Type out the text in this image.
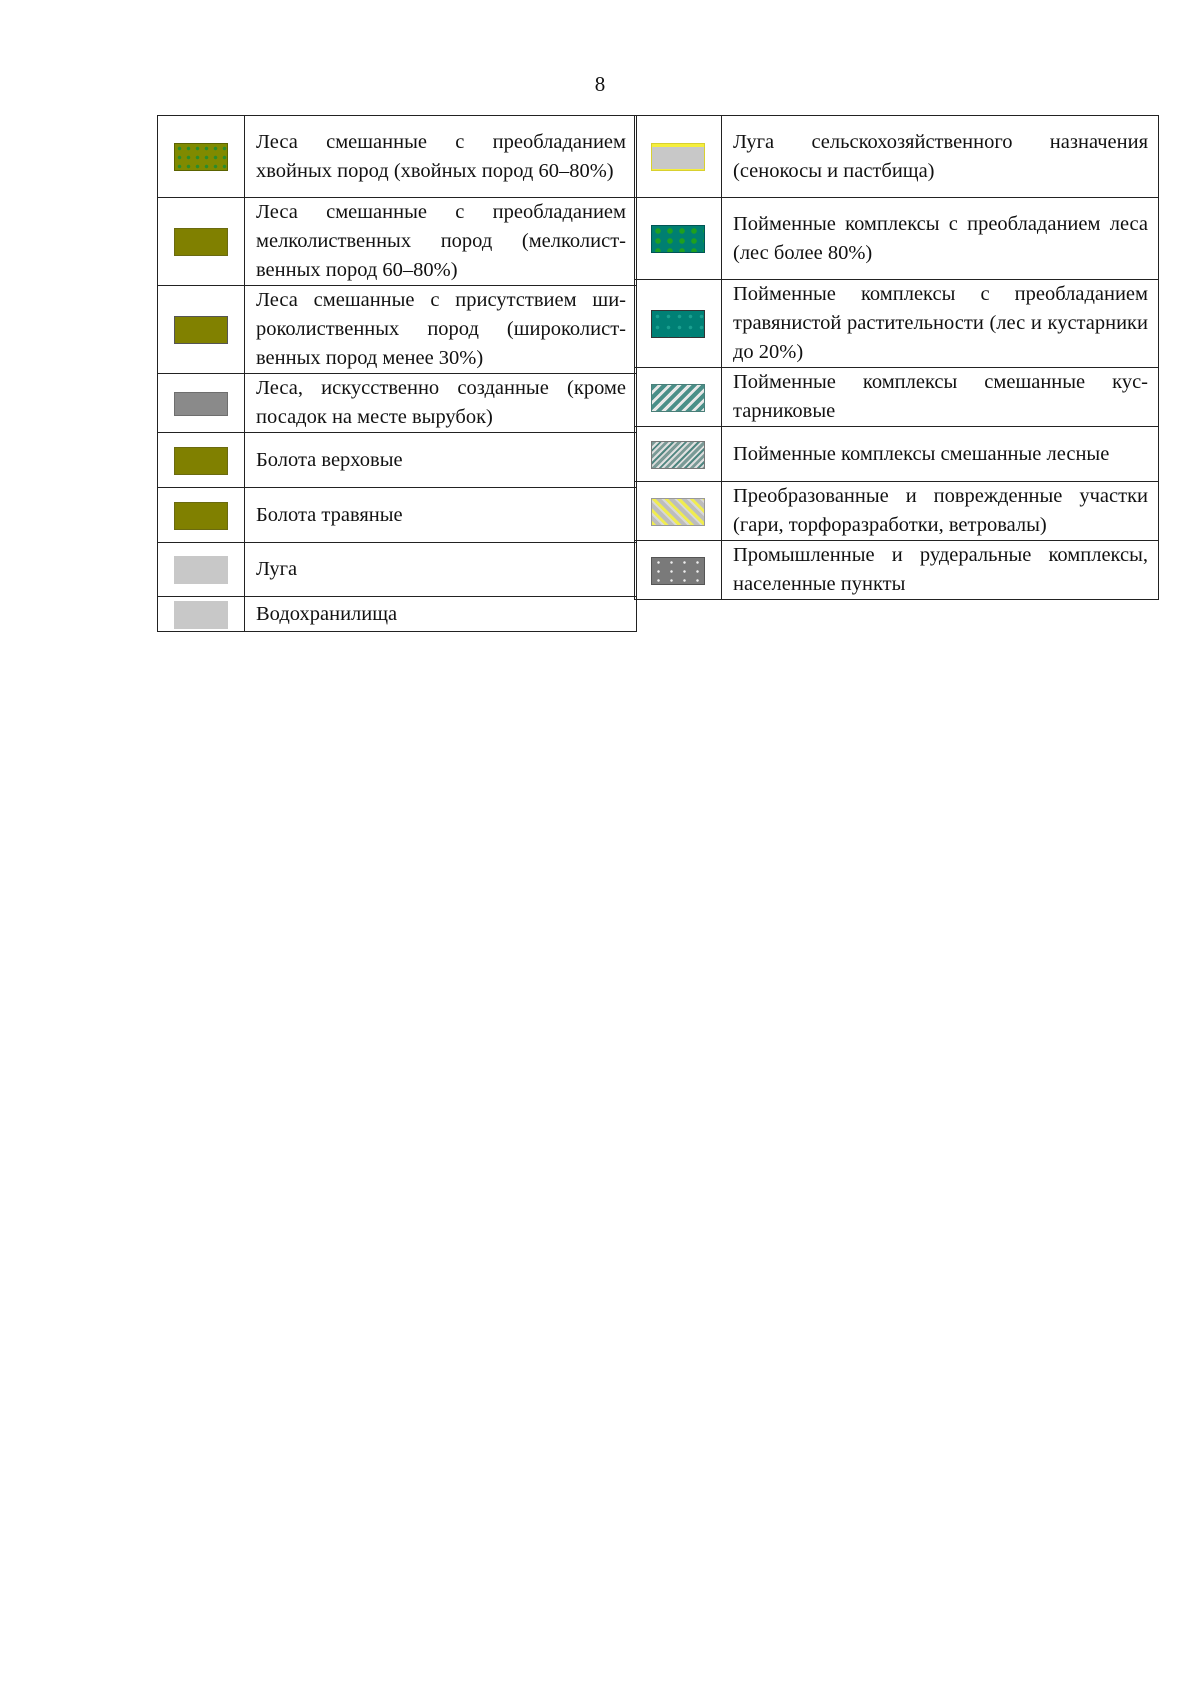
8
	Леса смешанные с преобладанием хвойных пород (хвойных пород 60–80%)
	Леса смешанные с преобладанием мелколиственных пород (мелколиственных пород 60–80%)
	Леса смешанные с присутствием широколиственных пород (широколиственных пород менее 30%)
	Леса, искусственно созданные (кроме посадок на месте вырубок)
	Болота верховые
	Болота травяные
	Луга
	Водохранилища
	Луга сельскохозяйственного назначения (сенокосы и пастбища)
	Пойменные комплексы с преобладанием леса (лес более 80%)
	Пойменные комплексы с преобладанием травянистой растительности (лес и кустарники до 20%)
	Пойменные комплексы смешанные кустарниковые
	Пойменные комплексы смешанные лесные
	Преобразованные и поврежденные участки (гари, торфоразработки, ветровалы)
	Промышленные и рудеральные комплексы, населенные пункты
